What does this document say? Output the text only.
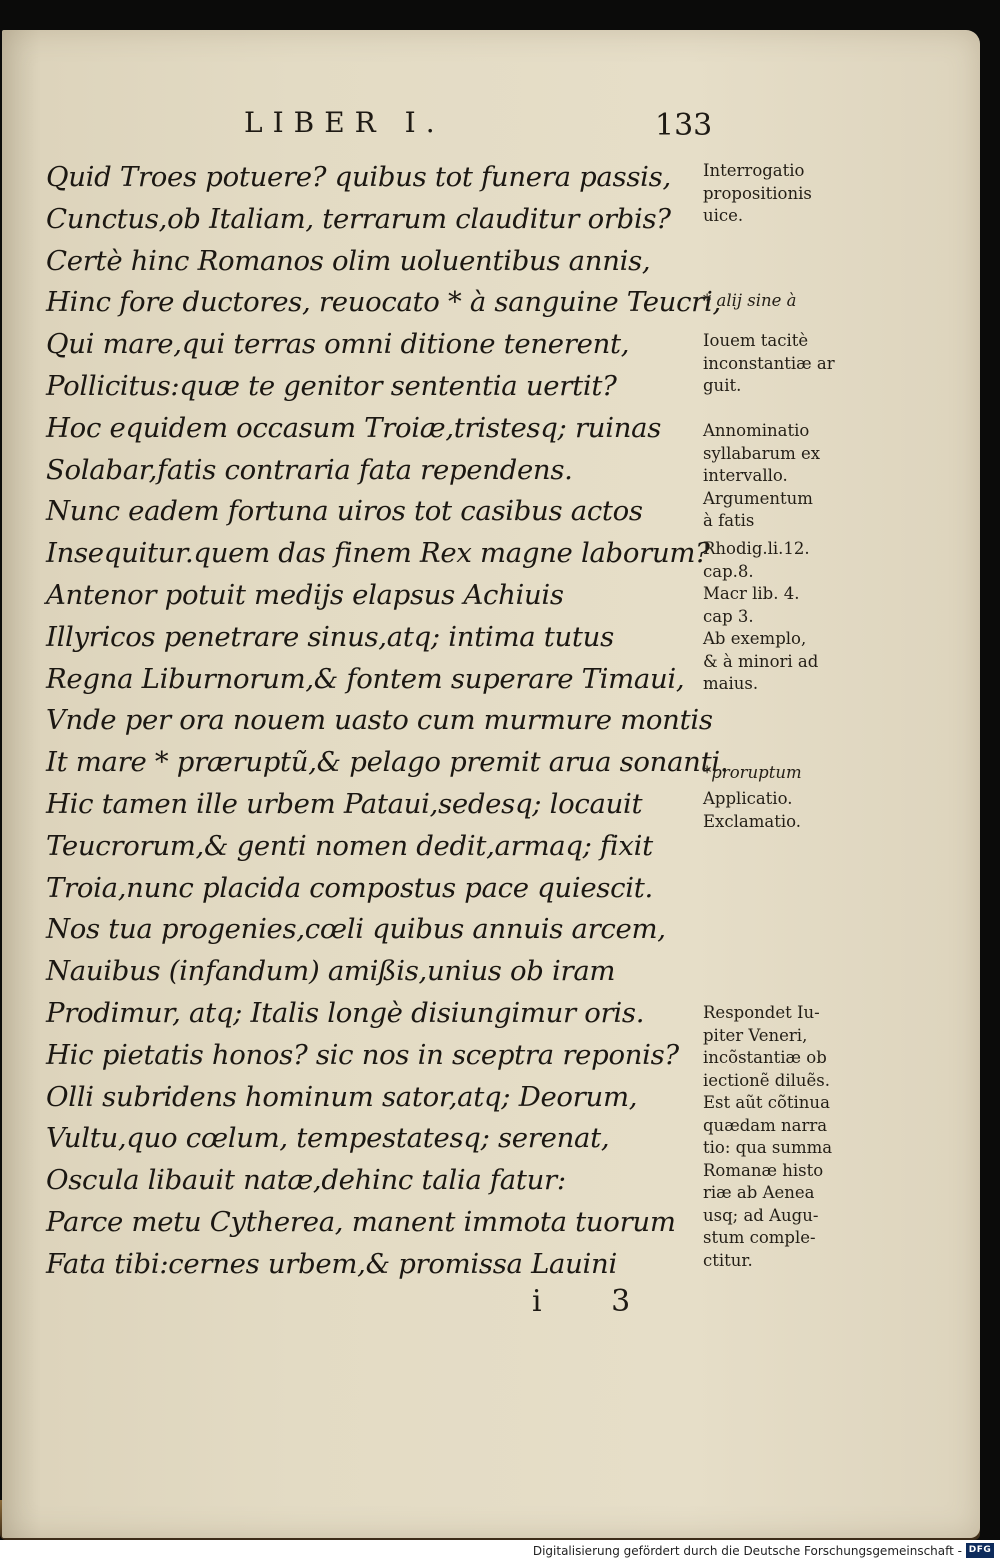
LIBER I.	133
Quid Troes potuere? quibus tot funera passis,
Cunctus,ob Italiam, terrarum clauditur orbis?
Certè hinc Romanos olim uoluentibus annis,
Hinc fore ductores, reuocato * à sanguine Teucri,
Qui mare,qui terras omni ditione tenerent,
Pollicitus:quæ te genitor sententia uertit?
Hoc equidem occasum Troiæ,tristesq; ruinas
Solabar,fatis contraria fata rependens.
Nunc eadem fortuna uiros tot casibus actos
Insequitur.quem das finem Rex magne laborum?
Antenor potuit medijs elapsus Achiuis
Illyricos penetrare sinus,atq; intima tutus
Regna Liburnorum,& fontem superare Timaui,
Vnde per ora nouem uasto cum murmure montis
It mare * præruptũ,& pelago premit arua sonanti.
Hic tamen ille urbem Pataui,sedesq; locauit
Teucrorum,& genti nomen dedit,armaq; fixit
Troia,nunc placida compostus pace quiescit.
Nos tua progenies,cœli quibus annuis arcem,
Nauibus (infandum) amißis,unius ob iram
Prodimur, atq; Italis longè disiungimur oris.
Hic pietatis honos? sic nos in sceptra reponis?
Olli subridens hominum sator,atq; Deorum,
Vultu,quo cœlum, tempestatesq; serenat,
Oscula libauit natæ,dehinc talia fatur:
Parce metu Cytherea, manent immota tuorum
Fata tibi:cernes urbem,& promissa Lauini
Interrogatio
propositionis
uice.
* alij sine à
Iouem tacitè
inconstantiæ ar
guit.
Annominatio
syllabarum ex
intervallo.
Argumentum
à fatis
Rhodig.li.12.
cap.8.
Macr lib. 4.
cap 3.
Ab exemplo,
& à minori ad
maius.
*proruptum
Applicatio.
Exclamatio.
Respondet Iu-
piter Veneri,
incõstantiæ ob
iectionẽ diluẽs.
Est aũt cõtinua
quædam narra
tio: qua summa
Romanæ histo
riæ ab Aenea
usq; ad Augu-
stum comple-
ctitur.
i 3
Digitalisierung gefördert durch die Deutsche Forschungsgemeinschaft - DFG
